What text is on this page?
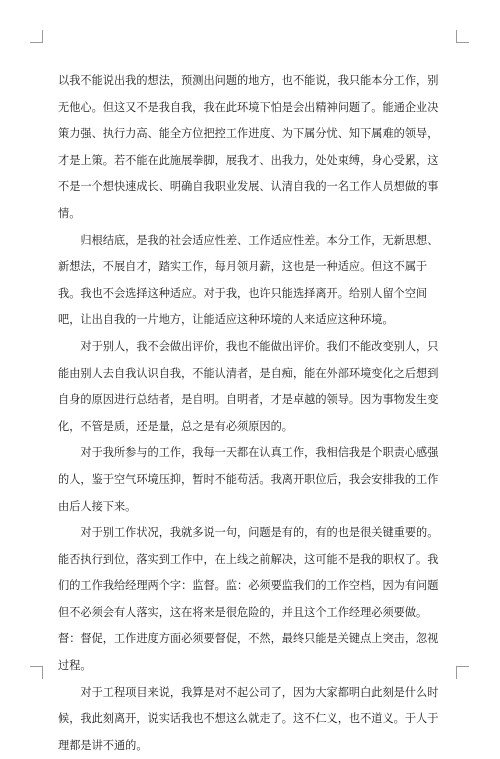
以我不能说出我的想法，预测出问题的地方，也不能说，我只能本分工作，别无他心。但这又不是我自我，我在此环境下怕是会出精神问题了。能通企业决策力强、执行力高、能全方位把控工作进度、为下属分忧、知下属难的领导，才是上策。若不能在此施展拳脚，展我才、出我力，处处束缚，身心受累，这不是一个想快速成长、明确自我职业发展、认清自我的一名工作人员想做的事情。

归根结底，是我的社会适应性差、工作适应性差。本分工作，无新思想、新想法，不展自才，踏实工作，每月领月薪，这也是一种适应。但这不属于我。我也不会选择这种适应。对于我，也许只能选择离开。给别人留个空间吧，让出自我的一片地方，让能适应这种环境的人来适应这种环境。

对于别人，我不会做出评价，我也不能做出评价。我们不能改变别人，只能由别人去自我认识自我，不能认清者，是自痴，能在外部环境变化之后想到自身的原因进行总结者，是自明。自明者，才是卓越的领导。因为事物发生变化，不管是质，还是量，总之是有必须原因的。

对于我所参与的工作，我每一天都在认真工作，我相信我是个职责心感强的人，鉴于空气环境压抑，暂时不能苟活。我离开职位后，我会安排我的工作由后人接下来。

对于别工作状况，我就多说一句，问题是有的，有的也是很关键重要的。能否执行到位，落实到工作中，在上线之前解决，这可能不是我的职权了。我们的工作我给经理两个字：监督。监：必须要监我们的工作空档，因为有问题但不必须会有人落实，这在将来是很危险的，并且这个工作经理必须要做。督：督促，工作进度方面必须要督促，不然，最终只能是关键点上突击，忽视过程。

对于工程项目来说，我算是对不起公司了，因为大家都明白此刻是什么时候，我此刻离开，说实话我也不想这么就走了。这不仁义，也不道义。于人于理都是讲不通的。
